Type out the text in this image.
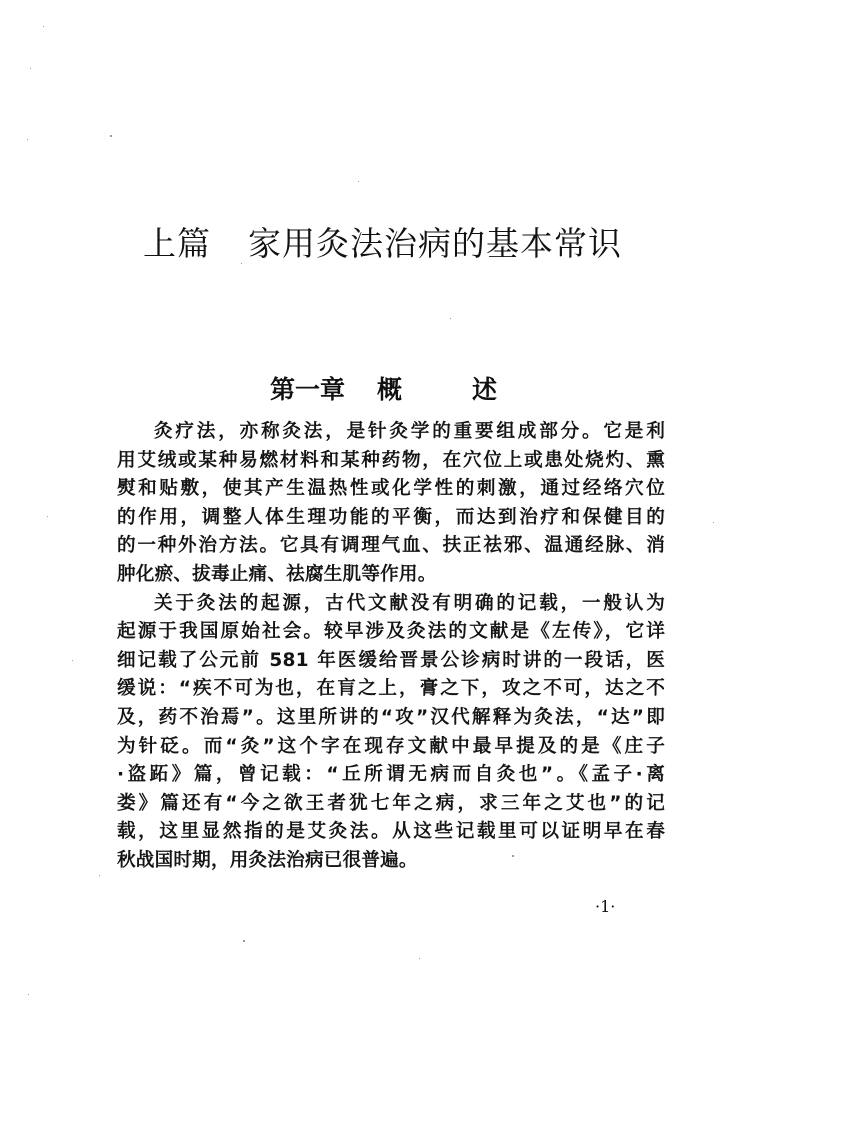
上篇 家用灸法治病的基本常识
第一章 概	述
灸疗法，亦称灸法，是针灸学的重要组成部分。它是利
用艾绒或某种易燃材料和某种药物，在穴位上或患处烧灼、熏
熨和贴敷，使其产生温热性或化学性的刺激，通过经络穴位
的作用，调整人体生理功能的平衡，而达到治疗和保健目的
的一种外治方法。它具有调理气血、扶正祛邪、温通经脉、消
肿化瘀、拔毒止痛、祛腐生肌等作用。
关于灸法的起源，古代文献没有明确的记载，一般认为
起源于我国原始社会。较早涉及灸法的文献是《左传》，它详
细记载了公元前 581 年医缓给晋景公诊病时讲的一段话，医
缓说：“疾不可为也，在肓之上，膏之下，攻之不可，达之不
及，药不治焉”。这里所讲的“攻”汉代解释为灸法，“达”即
为针砭。而“灸”这个字在现存文献中最早提及的是《庄子
·盗跖》篇，曾记载：“丘所谓无病而自灸也”。《孟子·离
娄》篇还有“今之欲王者犹七年之病，求三年之艾也”的记
载，这里显然指的是艾灸法。从这些记载里可以证明早在春
秋战国时期，用灸法治病已很普遍。
·1·
